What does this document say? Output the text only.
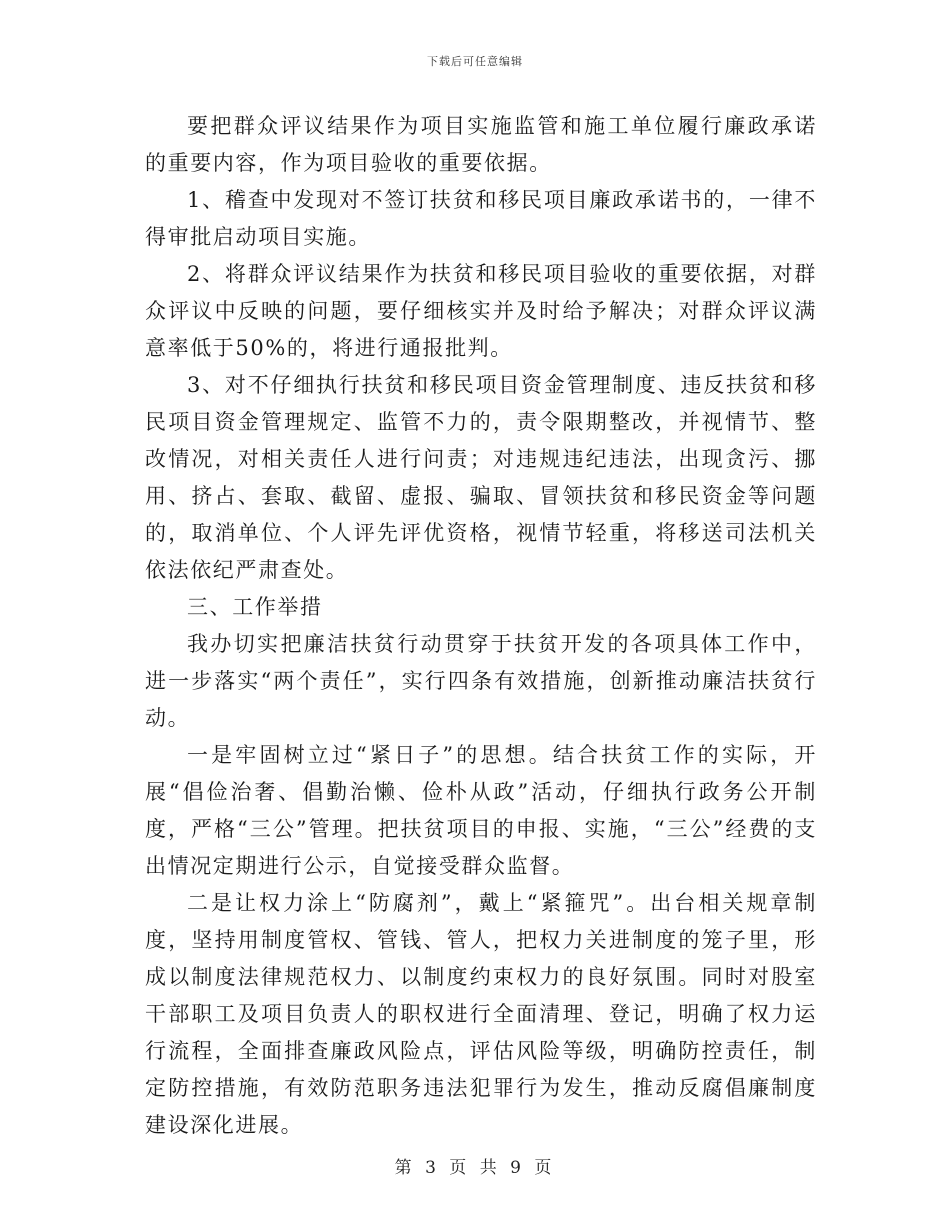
下载后可任意编辑

要把群众评议结果作为项目实施监管和施工单位履行廉政承诺的重要内容，作为项目验收的重要依据。

1、稽查中发现对不签订扶贫和移民项目廉政承诺书的，一律不得审批启动项目实施。

2、将群众评议结果作为扶贫和移民项目验收的重要依据，对群众评议中反映的问题，要仔细核实并及时给予解决；对群众评议满意率低于50%的，将进行通报批判。

3、对不仔细执行扶贫和移民项目资金管理制度、违反扶贫和移民项目资金管理规定、监管不力的，责令限期整改，并视情节、整改情况，对相关责任人进行问责；对违规违纪违法，出现贪污、挪用、挤占、套取、截留、虚报、骗取、冒领扶贫和移民资金等问题的，取消单位、个人评先评优资格，视情节轻重，将移送司法机关依法依纪严肃查处。

三、工作举措

我办切实把廉洁扶贫行动贯穿于扶贫开发的各项具体工作中，进一步落实“两个责任”，实行四条有效措施，创新推动廉洁扶贫行动。

一是牢固树立过“紧日子”的思想。结合扶贫工作的实际，开展“倡俭治奢、倡勤治懒、俭朴从政”活动，仔细执行政务公开制度，严格“三公”管理。把扶贫项目的申报、实施，“三公”经费的支出情况定期进行公示，自觉接受群众监督。

二是让权力涂上“防腐剂”，戴上“紧箍咒”。出台相关规章制度，坚持用制度管权、管钱、管人，把权力关进制度的笼子里，形成以制度法律规范权力、以制度约束权力的良好氛围。同时对股室干部职工及项目负责人的职权进行全面清理、登记，明确了权力运行流程，全面排查廉政风险点，评估风险等级，明确防控责任，制定防控措施，有效防范职务违法犯罪行为发生，推动反腐倡廉制度建设深化进展。

第 3 页 共 9 页
